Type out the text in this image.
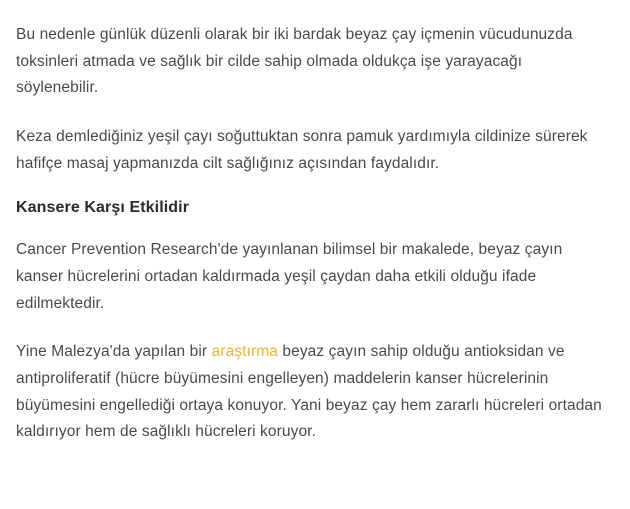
Bu nedenle günlük düzenli olarak bir iki bardak beyaz çay içmenin vücudunuzda toksinleri atmada ve sağlık bir cilde sahip olmada oldukça işe yarayacağı söylenebilir.

Keza demlediğiniz yeşil çayı soğuttuktan sonra pamuk yardımıyla cildinize sürerek hafifçe masaj yapmanızda cilt sağlığınız açısından faydalıdır.

Kansere Karşı Etkilidir

Cancer Prevention Research'de yayınlanan bilimsel bir makalede, beyaz çayın kanser hücrelerini ortadan kaldırmada yeşil çaydan daha etkili olduğu ifade edilmektedir.

Yine Malezya'da yapılan bir araştırma beyaz çayın sahip olduğu antioksidan ve antiproliferatif (hücre büyümesini engelleyen) maddelerin kanser hücrelerinin büyümesini engellediği ortaya konuyor. Yani beyaz çay hem zararlı hücreleri ortadan kaldırıyor hem de sağlıklı hücreleri koruyor.
